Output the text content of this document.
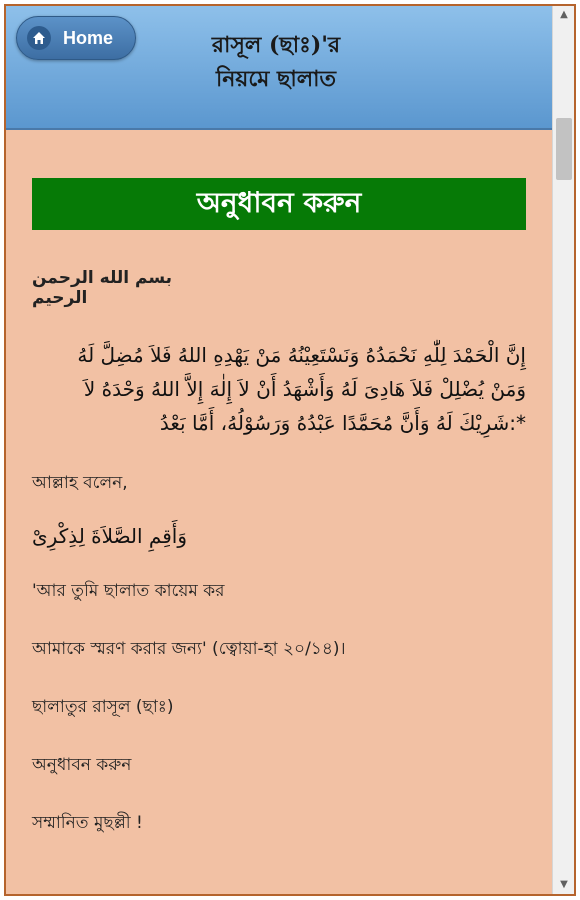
Home	রাসূল (ছাঃ)'র
নিয়মে ছালাত
অনুধাবন করুন
بسم الله الرحمن الرحيم
إِنَّ الْحَمْدَ لِلّٰهِ نَحْمَدُهُ وَنَسْتَعِيْنُهُ مَنْ يَهْدِهِ اللهُ فَلاَ مُضِلَّ لَهُ
وَمَنْ يُضْلِلْ فَلاَ هَادِىَ لَهُ وَأَشْهَدُ أَنْ لاَ إِلٰهَ إِلاَّ اللهُ وَحْدَهُ لاَ
*:شَرِيْكَ لَهُ وَأَنَّ مُحَمَّدًا عَبْدُهُ وَرَسُوْلُهُ، أَمَّا بَعْدُ
আল্লাহ বলেন,
وَأَقِمِ الصَّلاَةَ لِذِكْرِىْ
'আর তুমি ছালাত কায়েম কর
আমাকে স্মরণ করার জন্য' (ত্বোয়া-হা ২০/১৪)।
ছালাতুর রাসূল (ছাঃ)
অনুধাবন করুন
সম্মানিত মুছল্লী !
▲
▼
